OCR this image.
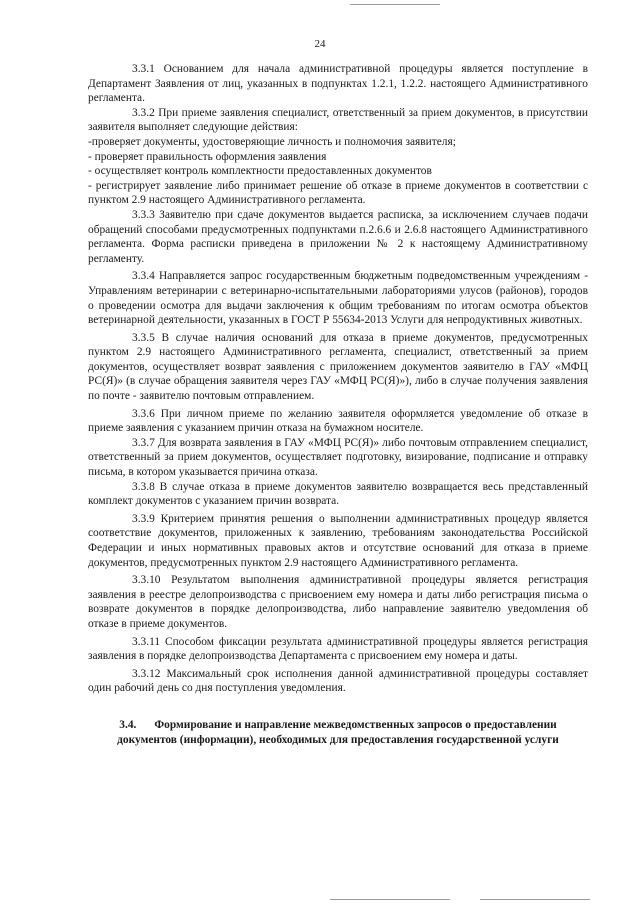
24

3.3.1 Основанием для начала административной процедуры является поступление в Департамент Заявления от лиц, указанных в подпунктах 1.2.1, 1.2.2. настоящего Административного регламента.

3.3.2 При приеме заявления специалист, ответственный за прием документов, в присутствии заявителя выполняет следующие действия:

-проверяет документы, удостоверяющие личность и полномочия заявителя;

- проверяет правильность оформления заявления

- осуществляет контроль комплектности предоставленных документов

- регистрирует заявление либо принимает решение об отказе в приеме документов в соответствии с пунктом 2.9 настоящего Административного регламента.

3.3.3 Заявителю при сдаче документов выдается расписка, за исключением случаев подачи обращений способами предусмотренных подпунктами п.2.6.6 и 2.6.8 настоящего Административного регламента. Форма расписки приведена в приложении № 2 к настоящему Административному регламенту.

3.3.4 Направляется запрос государственным бюджетным подведомственным учреждениям - Управлениям ветеринарии с ветеринарно-испытательными лабораториями улусов (районов), городов о проведении осмотра для выдачи заключения к общим требованиям по итогам осмотра объектов ветеринарной деятельности, указанных в ГОСТ Р 55634-2013 Услуги для непродуктивных животных.

3.3.5 В случае наличия оснований для отказа в приеме документов, предусмотренных пунктом 2.9 настоящего Административного регламента, специалист, ответственный за прием документов, осуществляет возврат заявления с приложением документов заявителю в ГАУ «МФЦ РС(Я)» (в случае обращения заявителя через ГАУ «МФЦ РС(Я)»), либо в случае получения заявления по почте - заявителю почтовым отправлением.

3.3.6 При личном приеме по желанию заявителя оформляется уведомление об отказе в приеме заявления с указанием причин отказа на бумажном носителе.

3.3.7 Для возврата заявления в ГАУ «МФЦ РС(Я)» либо почтовым отправлением специалист, ответственный за прием документов, осуществляет подготовку, визирование, подписание и отправку письма, в котором указывается причина отказа.

3.3.8 В случае отказа в приеме документов заявителю возвращается весь представленный комплект документов с указанием причин возврата.

3.3.9 Критерием принятия решения о выполнении административных процедур является соответствие документов, приложенных к заявлению, требованиям законодательства Российской Федерации и иных нормативных правовых актов и отсутствие оснований для отказа в приеме документов, предусмотренных пунктом 2.9 настоящего Административного регламента.

3.3.10 Результатом выполнения административной процедуры является регистрация заявления в реестре делопроизводства с присвоением ему номера и даты либо регистрация письма о возврате документов в порядке делопроизводства, либо направление заявителю уведомления об отказе в приеме документов.

3.3.11 Способом фиксации результата административной процедуры является регистрация заявления в порядке делопроизводства Департамента с присвоением ему номера и даты.

3.3.12 Максимальный срок исполнения данной административной процедуры составляет один рабочий день со дня поступления уведомления.

3.4. Формирование и направление межведомственных запросов о предоставлении документов (информации), необходимых для предоставления государственной услуги
